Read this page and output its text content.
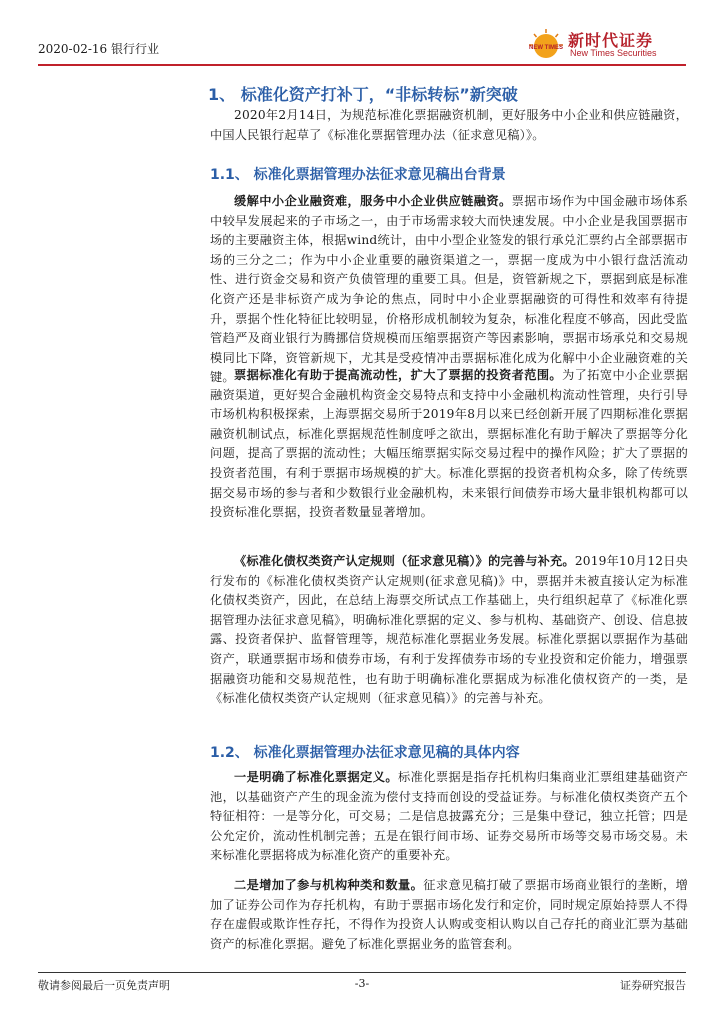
2020-02-16 银行行业	NEW TIMES 新时代证券
New Times Securities
1、 标准化资产打补丁，“非标转标”新突破
2020年2月14日，为规范标准化票据融资机制，更好服务中小企业和供应链融资，中国人民银行起草了《标准化票据管理办法（征求意见稿）》。
1.1、 标准化票据管理办法征求意见稿出台背景
缓解中小企业融资难，服务中小企业供应链融资。票据市场作为中国金融市场体系中较早发展起来的子市场之一，由于市场需求较大而快速发展。中小企业是我国票据市场的主要融资主体，根据wind统计，由中小型企业签发的银行承兑汇票约占全部票据市场的三分之二；作为中小企业重要的融资渠道之一，票据一度成为中小银行盘活流动性、进行资金交易和资产负债管理的重要工具。但是，资管新规之下，票据到底是标准化资产还是非标资产成为争论的焦点，同时中小企业票据融资的可得性和效率有待提升，票据个性化特征比较明显，价格形成机制较为复杂，标准化程度不够高，因此受监管趋严及商业银行为腾挪信贷规模而压缩票据资产等因素影响，票据市场承兑和交易规模同比下降，资管新规下，尤其是受疫情冲击票据标准化成为化解中小企业融资难的关键。 票据标准化有助于提高流动性，扩大了票据的投资者范围。为了拓宽中小企业票据融资渠道，更好契合金融机构资金交易特点和支持中小金融机构流动性管理，央行引导市场机构积极探索，上海票据交易所于2019年8月以来已经创新开展了四期标准化票据融资机制试点，标准化票据规范性制度呼之欲出，票据标准化有助于解决了票据等分化问题，提高了票据的流动性；大幅压缩票据实际交易过程中的操作风险；扩大了票据的投资者范围，有利于票据市场规模的扩大。标准化票据的投资者机构众多，除了传统票据交易市场的参与者和少数银行业金融机构，未来银行间债券市场大量非银机构都可以投资标准化票据，投资者数量显著增加。
《标准化债权类资产认定规则（征求意见稿）》的完善与补充。2019年10月12日央行发布的《标准化债权类资产认定规则(征求意见稿)》中，票据并未被直接认定为标准化债权类资产，因此，在总结上海票交所试点工作基础上，央行组织起草了《标准化票据管理办法征求意见稿》，明确标准化票据的定义、参与机构、基础资产、创设、信息披露、投资者保护、监督管理等，规范标准化票据业务发展。标准化票据以票据作为基础资产，联通票据市场和债券市场，有利于发挥债券市场的专业投资和定价能力，增强票据融资功能和交易规范性，也有助于明确标准化票据成为标准化债权资产的一类，是《标准化债权类资产认定规则（征求意见稿）》的完善与补充。
1.2、 标准化票据管理办法征求意见稿的具体内容
一是明确了标准化票据定义。标准化票据是指存托机构归集商业汇票组建基础资产池，以基础资产产生的现金流为偿付支持而创设的受益证券。与标准化债权类资产五个特征相符：一是等分化，可交易；二是信息披露充分；三是集中登记，独立托管；四是公允定价，流动性机制完善；五是在银行间市场、证券交易所市场等交易市场交易。未来标准化票据将成为标准化资产的重要补充。
二是增加了参与机构种类和数量。征求意见稿打破了票据市场商业银行的垄断，增加了证券公司作为存托机构，有助于票据市场化发行和定价，同时规定原始持票人不得存在虚假或欺诈性存托，不得作为投资人认购或变相认购以自己存托的商业汇票为基础资产的标准化票据。避免了标准化票据业务的监管套利。
敬请参阅最后一页免责声明	-3-	证券研究报告
